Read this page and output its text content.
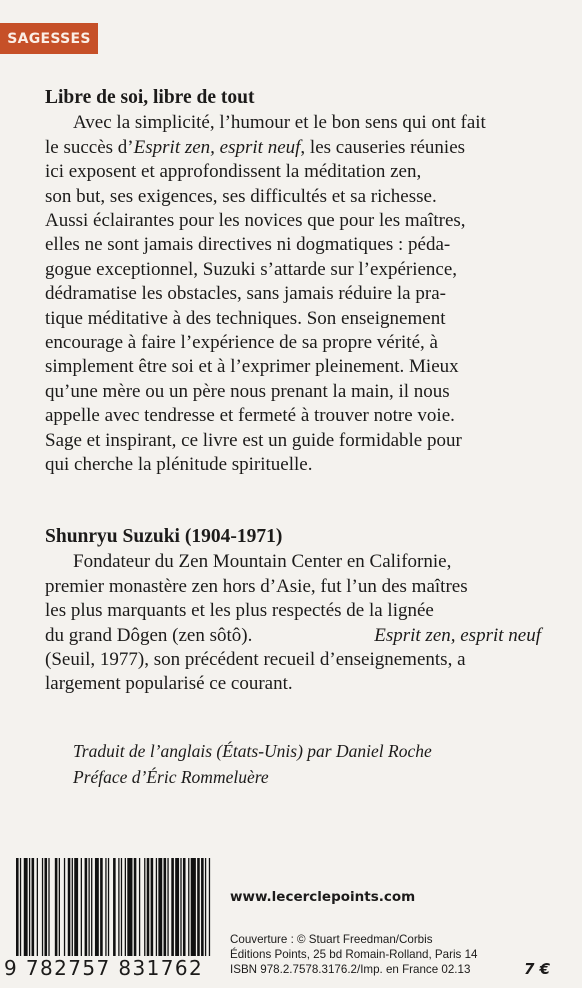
SAGESSES
Libre de soi, libre de tout
Avec la simplicité, l’humour et le bon sens qui ont fait
le succès d’Esprit zen, esprit neuf, les causeries réunies
ici exposent et approfondissent la méditation zen,
son but, ses exigences, ses difficultés et sa richesse.
Aussi éclairantes pour les novices que pour les maîtres,
elles ne sont jamais directives ni dogmatiques : péda-
gogue exceptionnel, Suzuki s’attarde sur l’expérience,
dédramatise les obstacles, sans jamais réduire la pra-
tique méditative à des techniques. Son enseignement
encourage à faire l’expérience de sa propre vérité, à
simplement être soi et à l’exprimer pleinement. Mieux
qu’une mère ou un père nous prenant la main, il nous
appelle avec tendresse et fermeté à trouver notre voie.
Sage et inspirant, ce livre est un guide formidable pour
qui cherche la plénitude spirituelle.
Shunryu Suzuki (1904-1971)
Fondateur du Zen Mountain Center en Californie,
premier monastère zen hors d’Asie, fut l’un des maîtres
les plus marquants et les plus respectés de la lignée
du grand Dôgen (zen sôtô).	Esprit zen, esprit neuf
(Seuil, 1977), son précédent recueil d’enseignements, a
largement popularisé ce courant.
Traduit de l’anglais (États-Unis) par Daniel Roche
Préface d’Éric Rommeluère
9 782757 831762
www.lecerclepoints.com
Couverture : © Stuart Freedman/Corbis
Éditions Points, 25 bd Romain-Rolland, Paris 14
ISBN 978.2.7578.3176.2/Imp. en France 02.13	7 €
